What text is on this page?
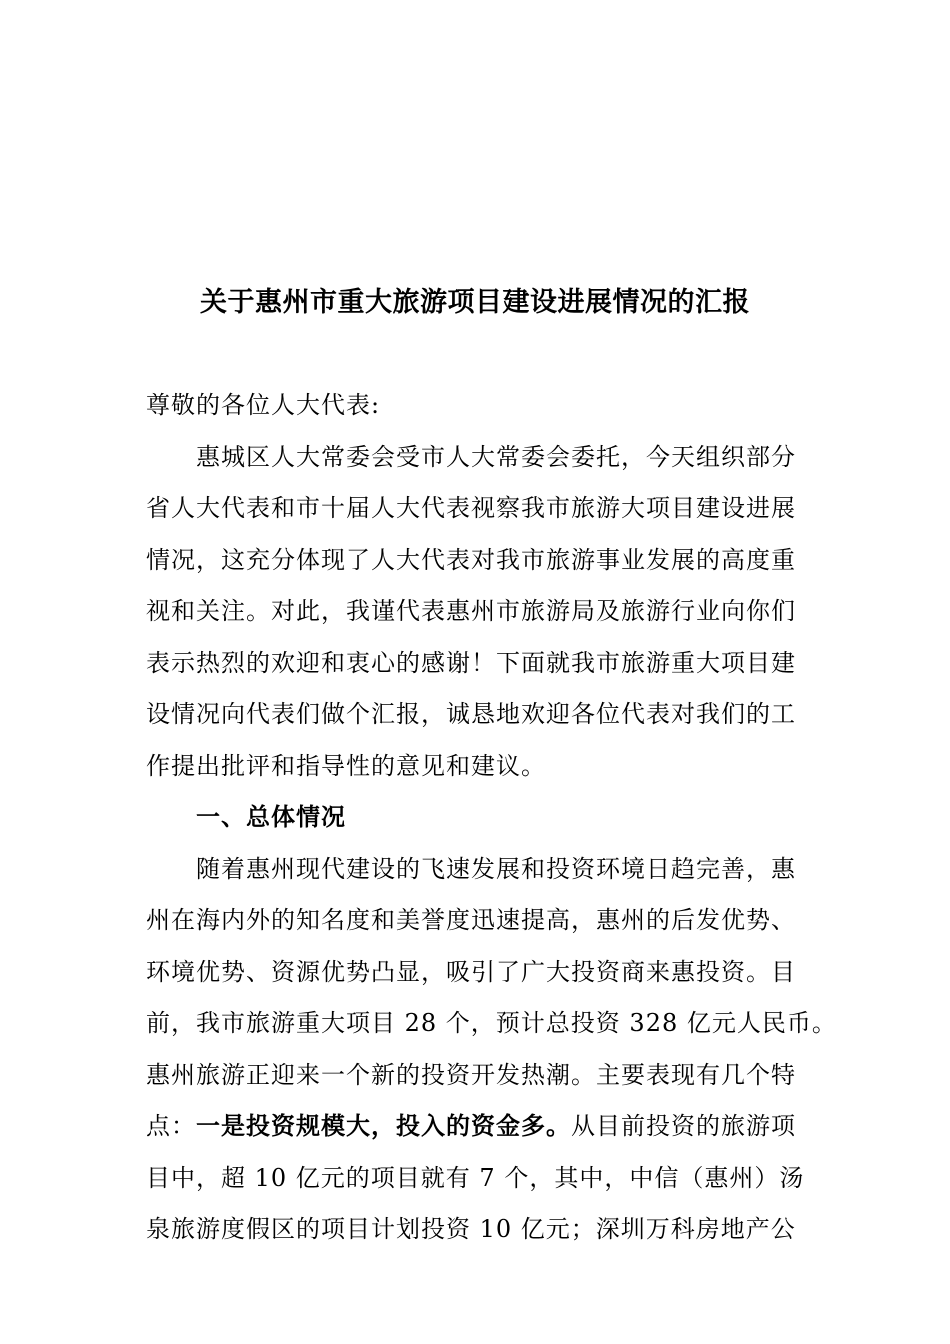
关于惠州市重大旅游项目建设进展情况的汇报
尊敬的各位人大代表:
惠城区人大常委会受市人大常委会委托，今天组织部分
省人大代表和市十届人大代表视察我市旅游大项目建设进展
情况，这充分体现了人大代表对我市旅游事业发展的高度重
视和关注。对此，我谨代表惠州市旅游局及旅游行业向你们
表示热烈的欢迎和衷心的感谢！下面就我市旅游重大项目建
设情况向代表们做个汇报，诚恳地欢迎各位代表对我们的工
作提出批评和指导性的意见和建议。
一、总体情况
随着惠州现代建设的飞速发展和投资环境日趋完善，惠
州在海内外的知名度和美誉度迅速提高，惠州的后发优势、
环境优势、资源优势凸显，吸引了广大投资商来惠投资。目
前，我市旅游重大项目 28 个，预计总投资 328 亿元人民币。
惠州旅游正迎来一个新的投资开发热潮。主要表现有几个特
点：一是投资规模大，投入的资金多。从目前投资的旅游项
目中，超 10 亿元的项目就有 7 个，其中，中信（惠州）汤
泉旅游度假区的项目计划投资 10 亿元；深圳万科房地产公
